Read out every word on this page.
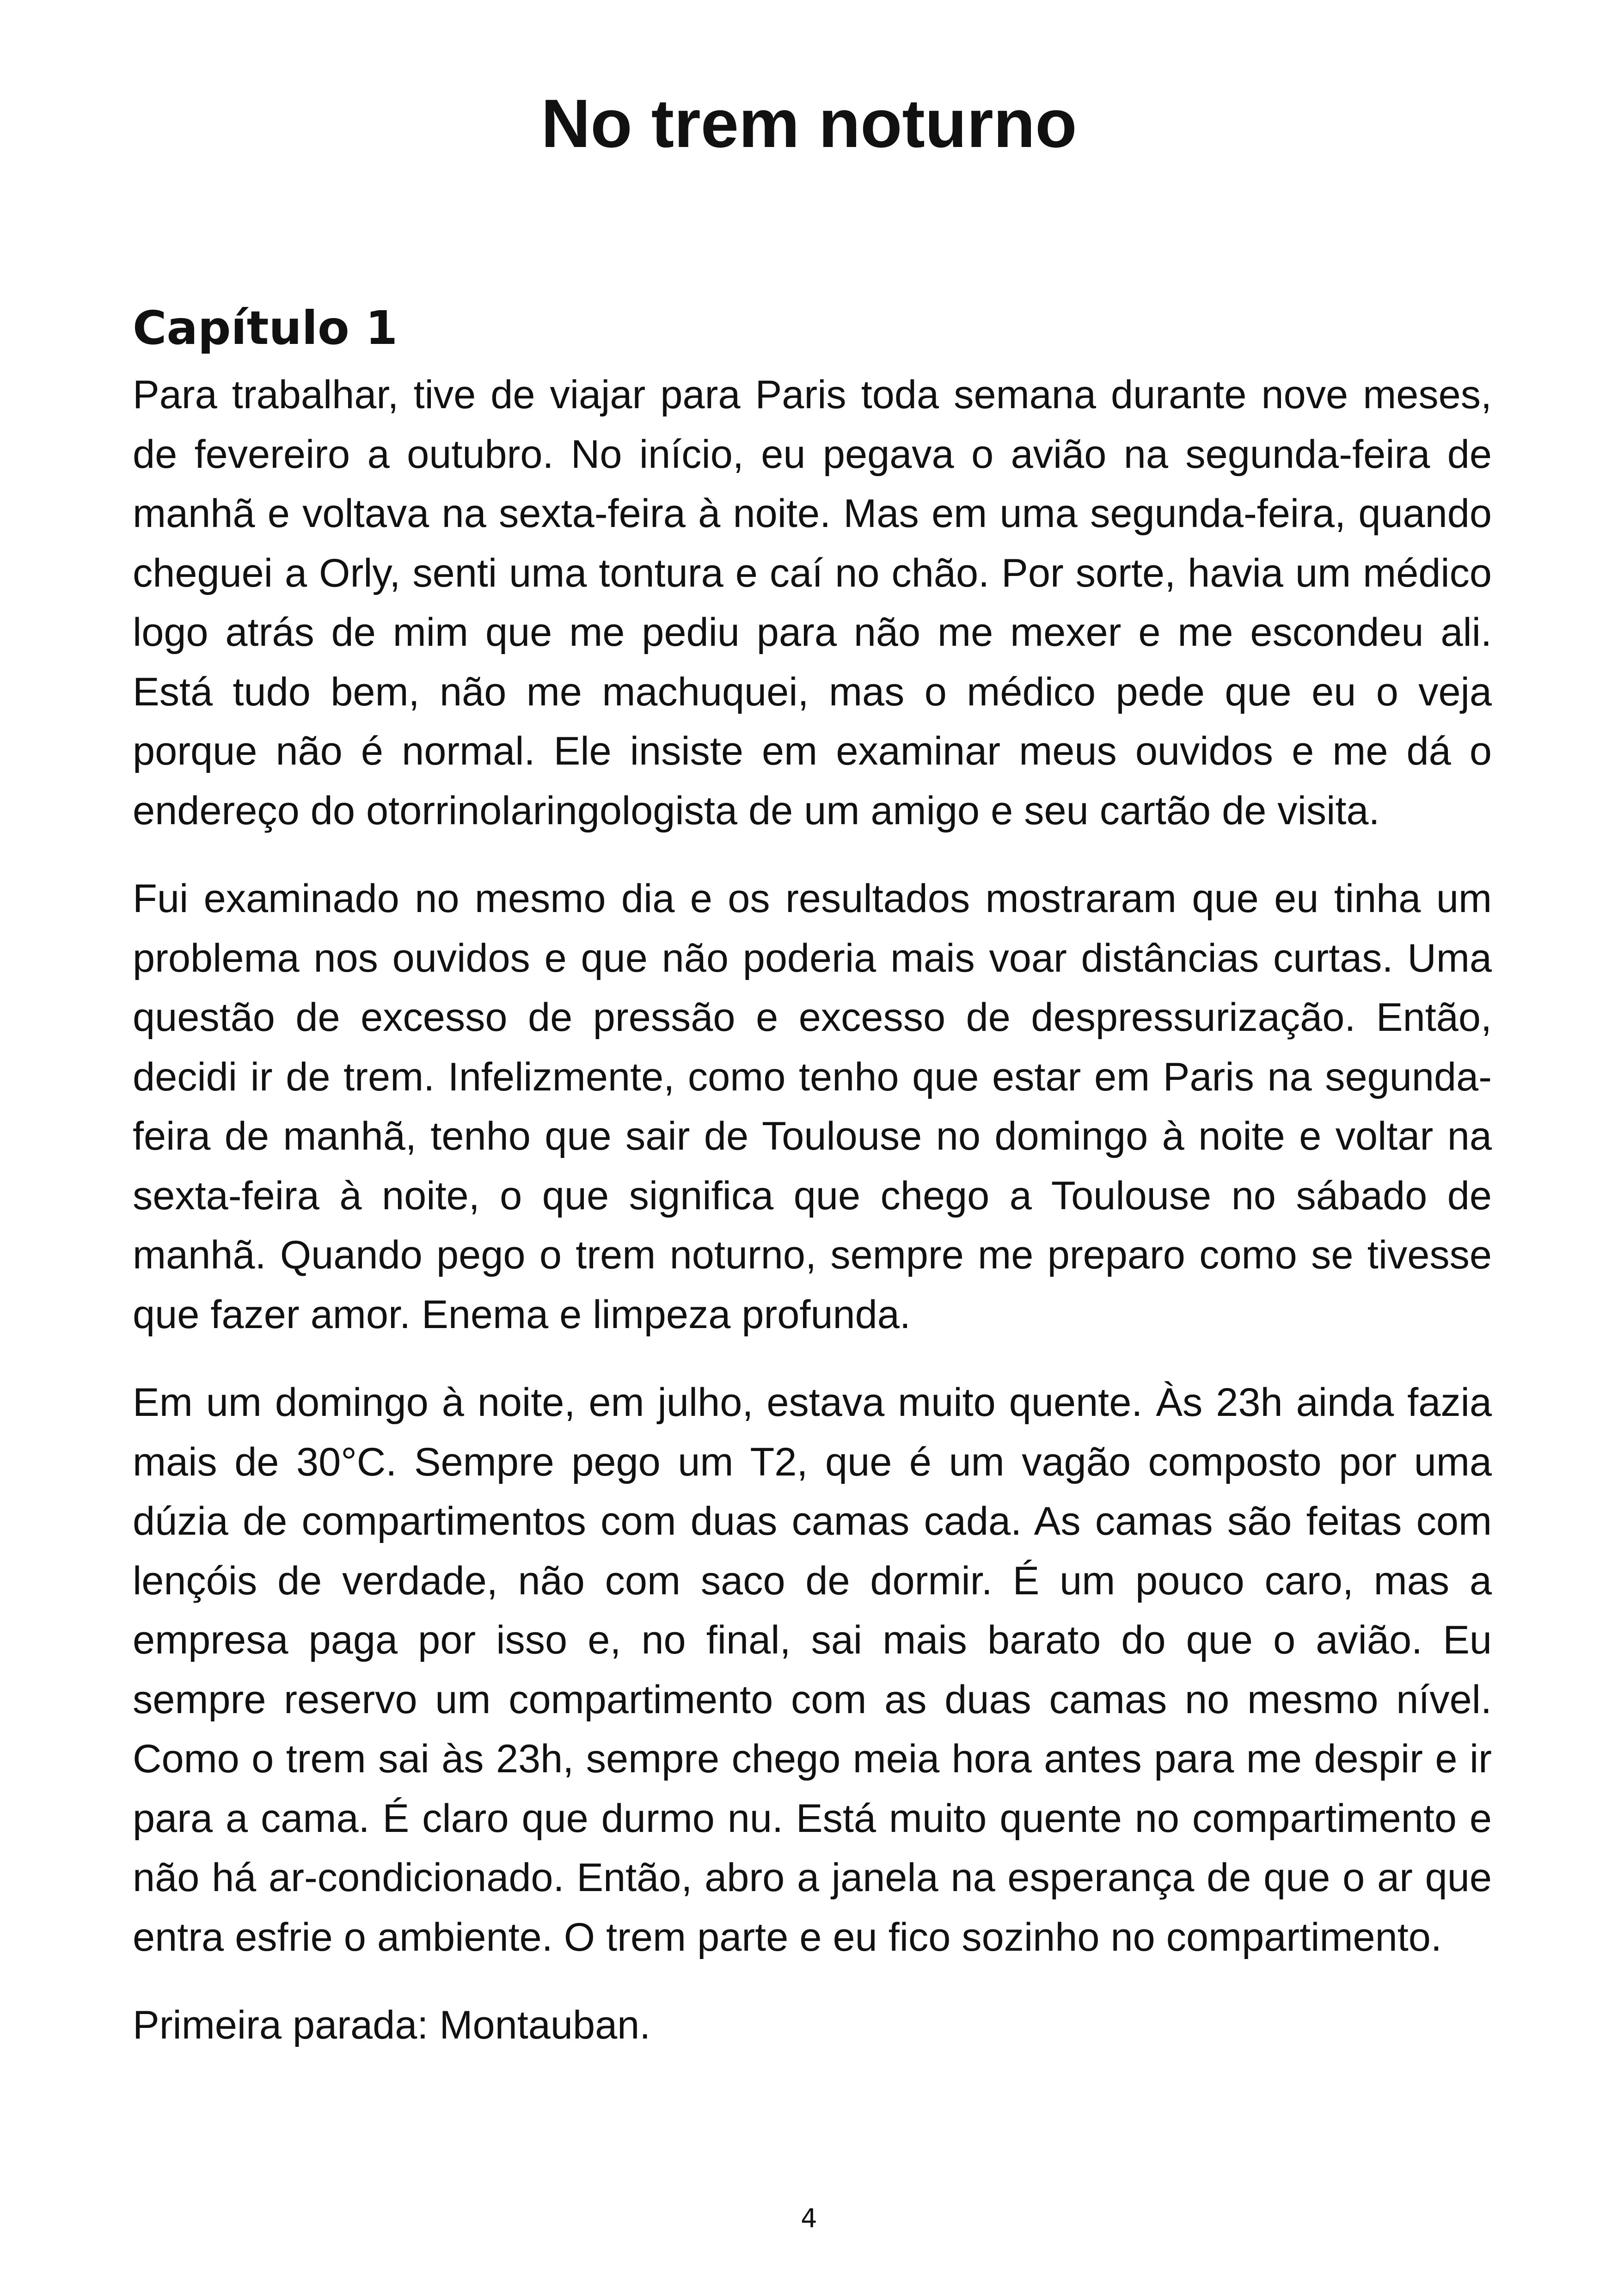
No trem noturno
Capítulo 1

Para trabalhar, tive de viajar para Paris toda semana durante nove meses, de fevereiro a outubro. No início, eu pegava o avião na segunda-feira de manhã e voltava na sexta-feira à noite. Mas em uma segunda-feira, quando cheguei a Orly, senti uma tontura e caí no chão. Por sorte, havia um médico logo atrás de mim que me pediu para não me mexer e me escondeu ali. Está tudo bem, não me machuquei, mas o médico pede que eu o veja porque não é normal. Ele insiste em examinar meus ouvidos e me dá o endereço do otorrinolaringologista de um amigo e seu cartão de visita.

Fui examinado no mesmo dia e os resultados mostraram que eu tinha um problema nos ouvidos e que não poderia mais voar distâncias curtas. Uma questão de excesso de pressão e excesso de despressurização. Então, decidi ir de trem. Infelizmente, como tenho que estar em Paris na segunda-feira de manhã, tenho que sair de Toulouse no domingo à noite e voltar na sexta-feira à noite, o que significa que chego a Toulouse no sábado de manhã. Quando pego o trem noturno, sempre me preparo como se tivesse que fazer amor. Enema e limpeza profunda.

Em um domingo à noite, em julho, estava muito quente. Às 23h ainda fazia mais de 30°C. Sempre pego um T2, que é um vagão composto por uma dúzia de compartimentos com duas camas cada. As camas são feitas com lençóis de verdade, não com saco de dormir. É um pouco caro, mas a empresa paga por isso e, no final, sai mais barato do que o avião. Eu sempre reservo um compartimento com as duas camas no mesmo nível. Como o trem sai às 23h, sempre chego meia hora antes para me despir e ir para a cama. É claro que durmo nu. Está muito quente no compartimento e não há ar-condicionado. Então, abro a janela na esperança de que o ar que entra esfrie o ambiente. O trem parte e eu fico sozinho no compartimento.

Primeira parada: Montauban.

4
